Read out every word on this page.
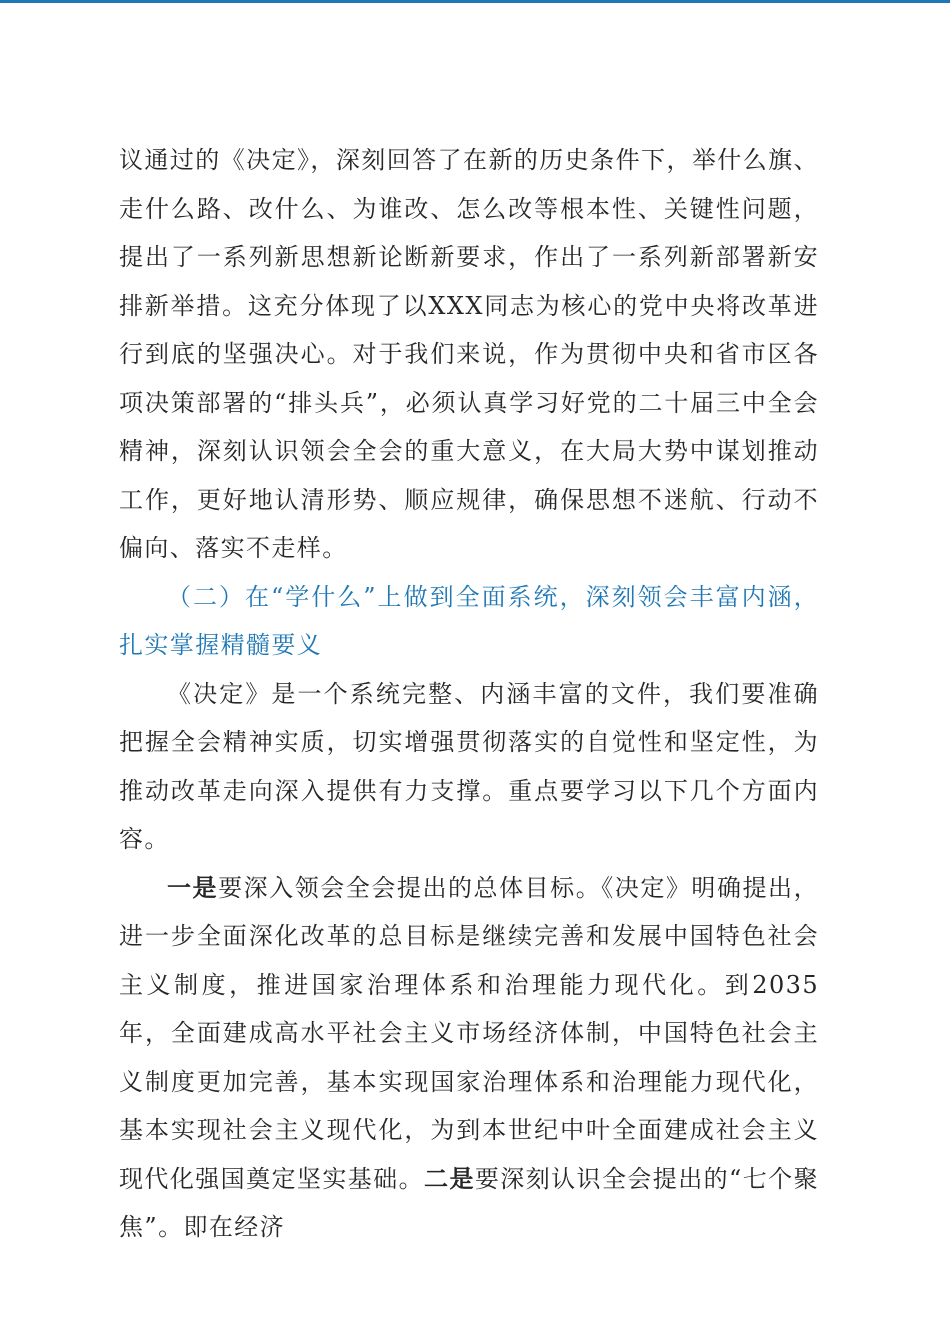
议通过的《决定》，深刻回答了在新的历史条件下，举什么旗、走什么路、改什么、为谁改、怎么改等根本性、关键性问题，提出了一系列新思想新论断新要求，作出了一系列新部署新安排新举措。这充分体现了以XXX同志为核心的党中央将改革进行到底的坚强决心。对于我们来说，作为贯彻中央和省市区各项决策部署的“排头兵”，必须认真学习好党的二十届三中全会精神，深刻认识领会全会的重大意义，在大局大势中谋划推动工作，更好地认清形势、顺应规律，确保思想不迷航、行动不偏向、落实不走样。

（二）在“学什么”上做到全面系统，深刻领会丰富内涵，扎实掌握精髓要义

《决定》是一个系统完整、内涵丰富的文件，我们要准确把握全会精神实质，切实增强贯彻落实的自觉性和坚定性，为推动改革走向深入提供有力支撑。重点要学习以下几个方面内容。

一是要深入领会全会提出的总体目标。《决定》明确提出，进一步全面深化改革的总目标是继续完善和发展中国特色社会主义制度，推进国家治理体系和治理能力现代化。到2035年，全面建成高水平社会主义市场经济体制，中国特色社会主义制度更加完善，基本实现国家治理体系和治理能力现代化，基本实现社会主义现代化，为到本世纪中叶全面建成社会主义现代化强国奠定坚实基础。二是要深刻认识全会提出的“七个聚焦”。即在经济
